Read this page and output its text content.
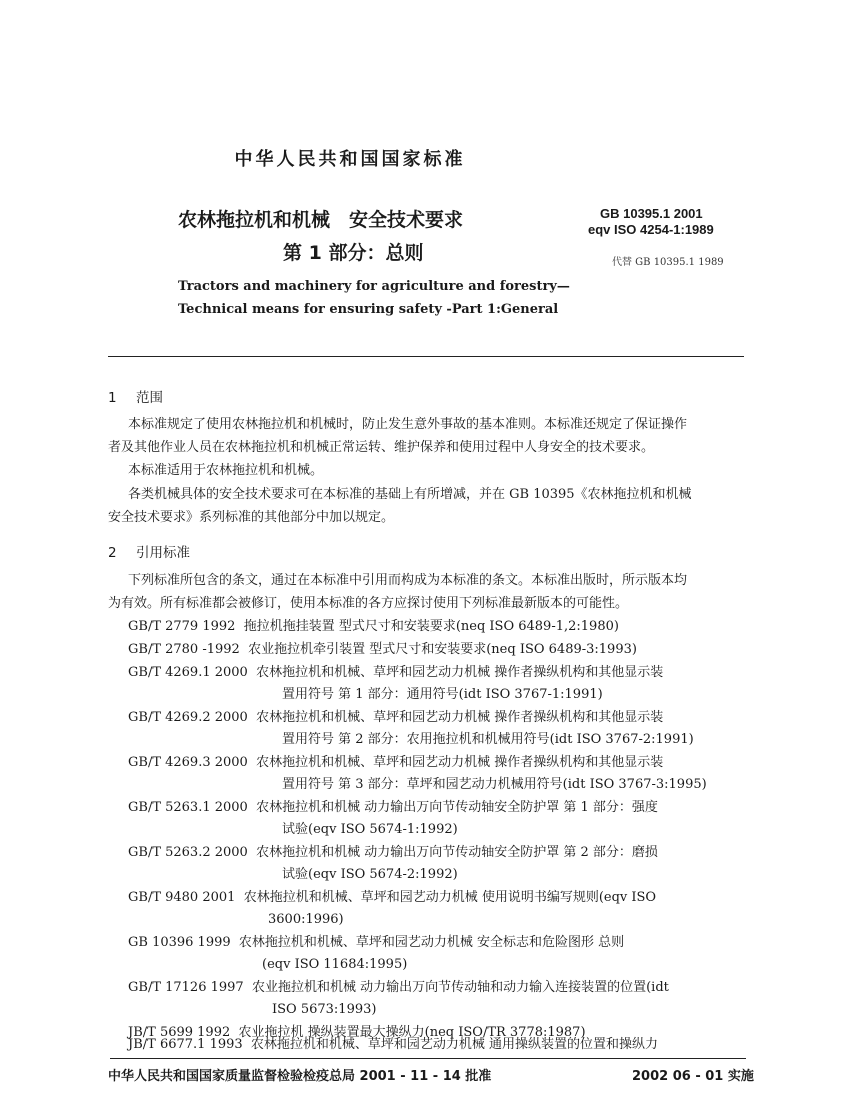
中华人民共和国国家标准
农林拖拉机和机械　安全技术要求
第 1 部分：总则
GB 10395.1 2001
eqv ISO 4254-1:1989
代替 GB 10395.1 1989
Tractors and machinery for agriculture and forestry—
Technical means for ensuring safety -Part 1:General
1 范围
本标准规定了使用农林拖拉机和机械时，防止发生意外事故的基本准则。本标准还规定了保证操作
者及其他作业人员在农林拖拉机和机械正常运转、维护保养和使用过程中人身安全的技术要求。
本标准适用于农林拖拉机和机械。
各类机械具体的安全技术要求可在本标准的基础上有所增减，并在 GB 10395《农林拖拉机和机械
安全技术要求》系列标准的其他部分中加以规定。
2 引用标准
下列标准所包含的条文，通过在本标准中引用而构成为本标准的条文。本标准出版时，所示版本均
为有效。所有标准都会被修订，使用本标准的各方应探讨使用下列标准最新版本的可能性。
GB/T 2779 1992 拖拉机拖挂装置 型式尺寸和安装要求(neq ISO 6489-1,2:1980)
GB/T 2780 -1992 农业拖拉机牵引装置 型式尺寸和安装要求(neq ISO 6489-3:1993)
GB/T 4269.1 2000 农林拖拉机和机械、草坪和园艺动力机械 操作者操纵机构和其他显示装
置用符号 第 1 部分：通用符号(idt ISO 3767-1:1991)
GB/T 4269.2 2000 农林拖拉机和机械、草坪和园艺动力机械 操作者操纵机构和其他显示装
置用符号 第 2 部分：农用拖拉机和机械用符号(idt ISO 3767-2:1991)
GB/T 4269.3 2000 农林拖拉机和机械、草坪和园艺动力机械 操作者操纵机构和其他显示装
置用符号 第 3 部分：草坪和园艺动力机械用符号(idt ISO 3767-3:1995)
GB/T 5263.1 2000 农林拖拉机和机械 动力输出万向节传动轴安全防护罩 第 1 部分：强度
试验(eqv ISO 5674-1:1992)
GB/T 5263.2 2000 农林拖拉机和机械 动力输出万向节传动轴安全防护罩 第 2 部分：磨损
试验(eqv ISO 5674-2:1992)
GB/T 9480 2001 农林拖拉机和机械、草坪和园艺动力机械 使用说明书编写规则(eqv ISO
3600:1996)
GB 10396 1999 农林拖拉机和机械、草坪和园艺动力机械 安全标志和危险图形 总则
(eqv ISO 11684:1995)
GB/T 17126 1997 农业拖拉机和机械 动力输出万向节传动轴和动力输入连接装置的位置(idt
ISO 5673:1993)
JB/T 5699 1992 农业拖拉机 操纵装置最大操纵力(neq ISO/TR 3778:1987)
JB/T 6677.1 1993 农林拖拉机和机械、草坪和园艺动力机械 通用操纵装置的位置和操纵力
中华人民共和国国家质量监督检验检疫总局 2001 - 11 - 14 批准	2002 06 - 01 实施
